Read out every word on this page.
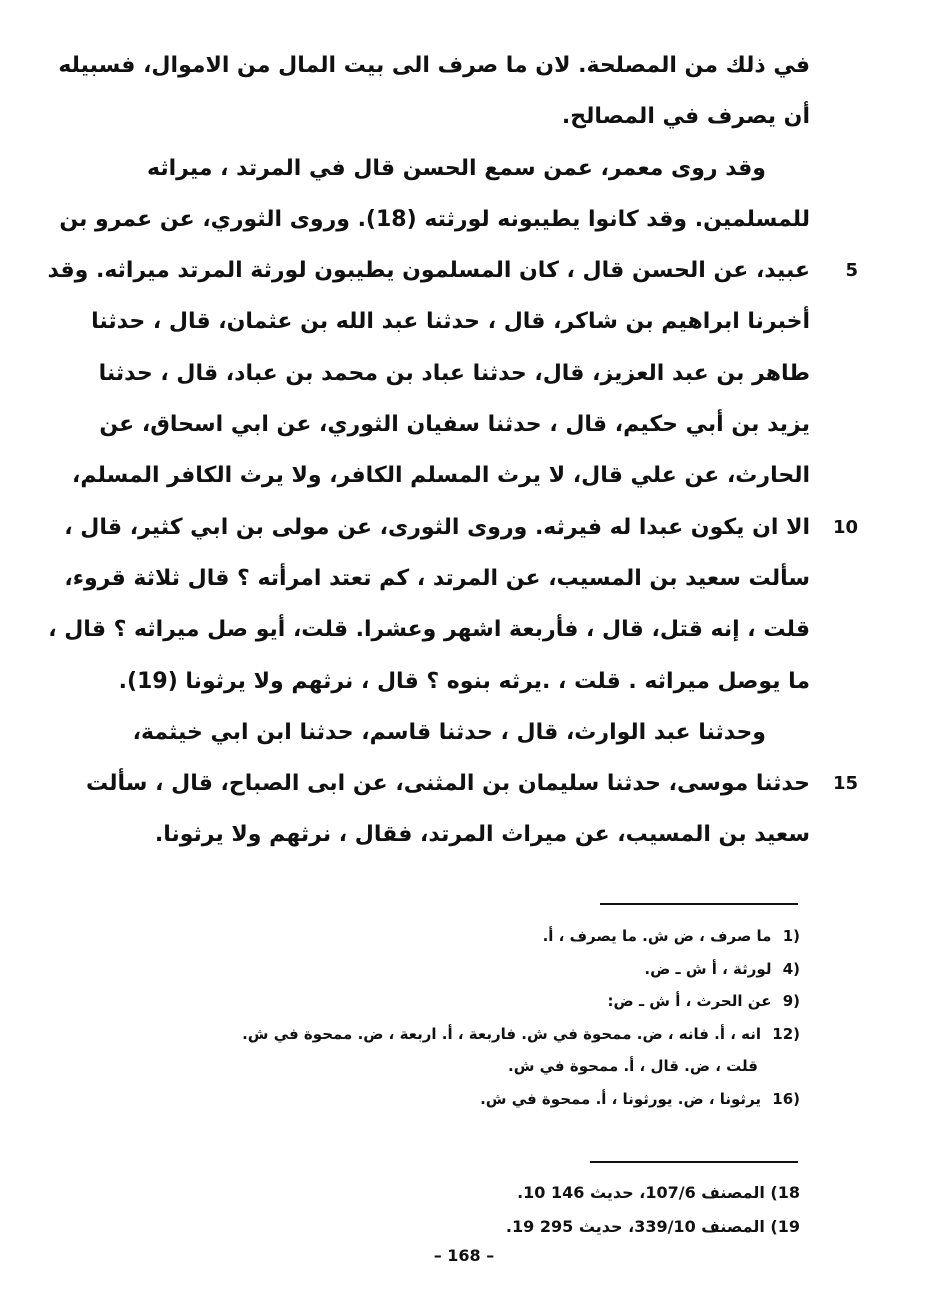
في ذلك من المصلحة. لان ما صرف الى بيت المال من الاموال، فسبيله
أن يصرف في المصالح.
وقد روى معمر، عمن سمع الحسن قال في المرتد ، ميراثه
للمسلمين. وقد كانوا يطيبونه لورثته (18). وروى الثوري، عن عمرو بن
عبيد، عن الحسن قال ، كان المسلمون يطيبون لورثة المرتد ميراثه. وقد 5
أخبرنا ابراهيم بن شاكر، قال ، حدثنا عبد الله بن عثمان، قال ، حدثنا
طاهر بن عبد العزيز، قال، حدثنا عباد بن محمد بن عباد، قال ، حدثنا
يزيد بن أبي حكيم، قال ، حدثنا سفيان الثوري، عن ابي اسحاق، عن
الحارث، عن علي قال، لا يرث المسلم الكافر، ولا يرث الكافر المسلم،
الا ان يكون عبدا له فيرثه. وروى الثورى، عن مولى بن ابي كثير، قال ، 10
سألت سعيد بن المسيب، عن المرتد ، كم تعتد امرأته ؟ قال ثلاثة قروء،
قلت ، إنه قتل، قال ، فأربعة اشهر وعشرا. قلت، أيو صل ميراثه ؟ قال ،
ما يوصل ميراثه . قلت ، .يرثه بنوه ؟ قال ، نرثهم ولا يرثونا (19).
وحدثنا عبد الوارث، قال ، حدثنا قاسم، حدثنا ابن ابي خيثمة،
حدثنا موسى، حدثنا سليمان بن المثنى، عن ابى الصباح، قال ، سألت 15
سعيد بن المسيب، عن ميراث المرتد، فقال ، نرثهم ولا يرثونا.
(1 ما صرف ، ض ش. ما يصرف ، أ.
(4 لورثة ، أ ش ـ ض.
(9 عن الحرث ، أ ش ـ ض:
(12 انه ، أ. فانه ، ض. ممحوة في ش. فاربعة ، أ. اربعة ، ض. ممحوة في ش.
قلت ، ض. قال ، أ. ممحوة في ش.
(16 يرثونا ، ض. يورثونا ، أ. ممحوة في ش.
18) المصنف 107/6، حديث 146 10.
19) المصنف 339/10، حديث 295 19.
– 168 –
